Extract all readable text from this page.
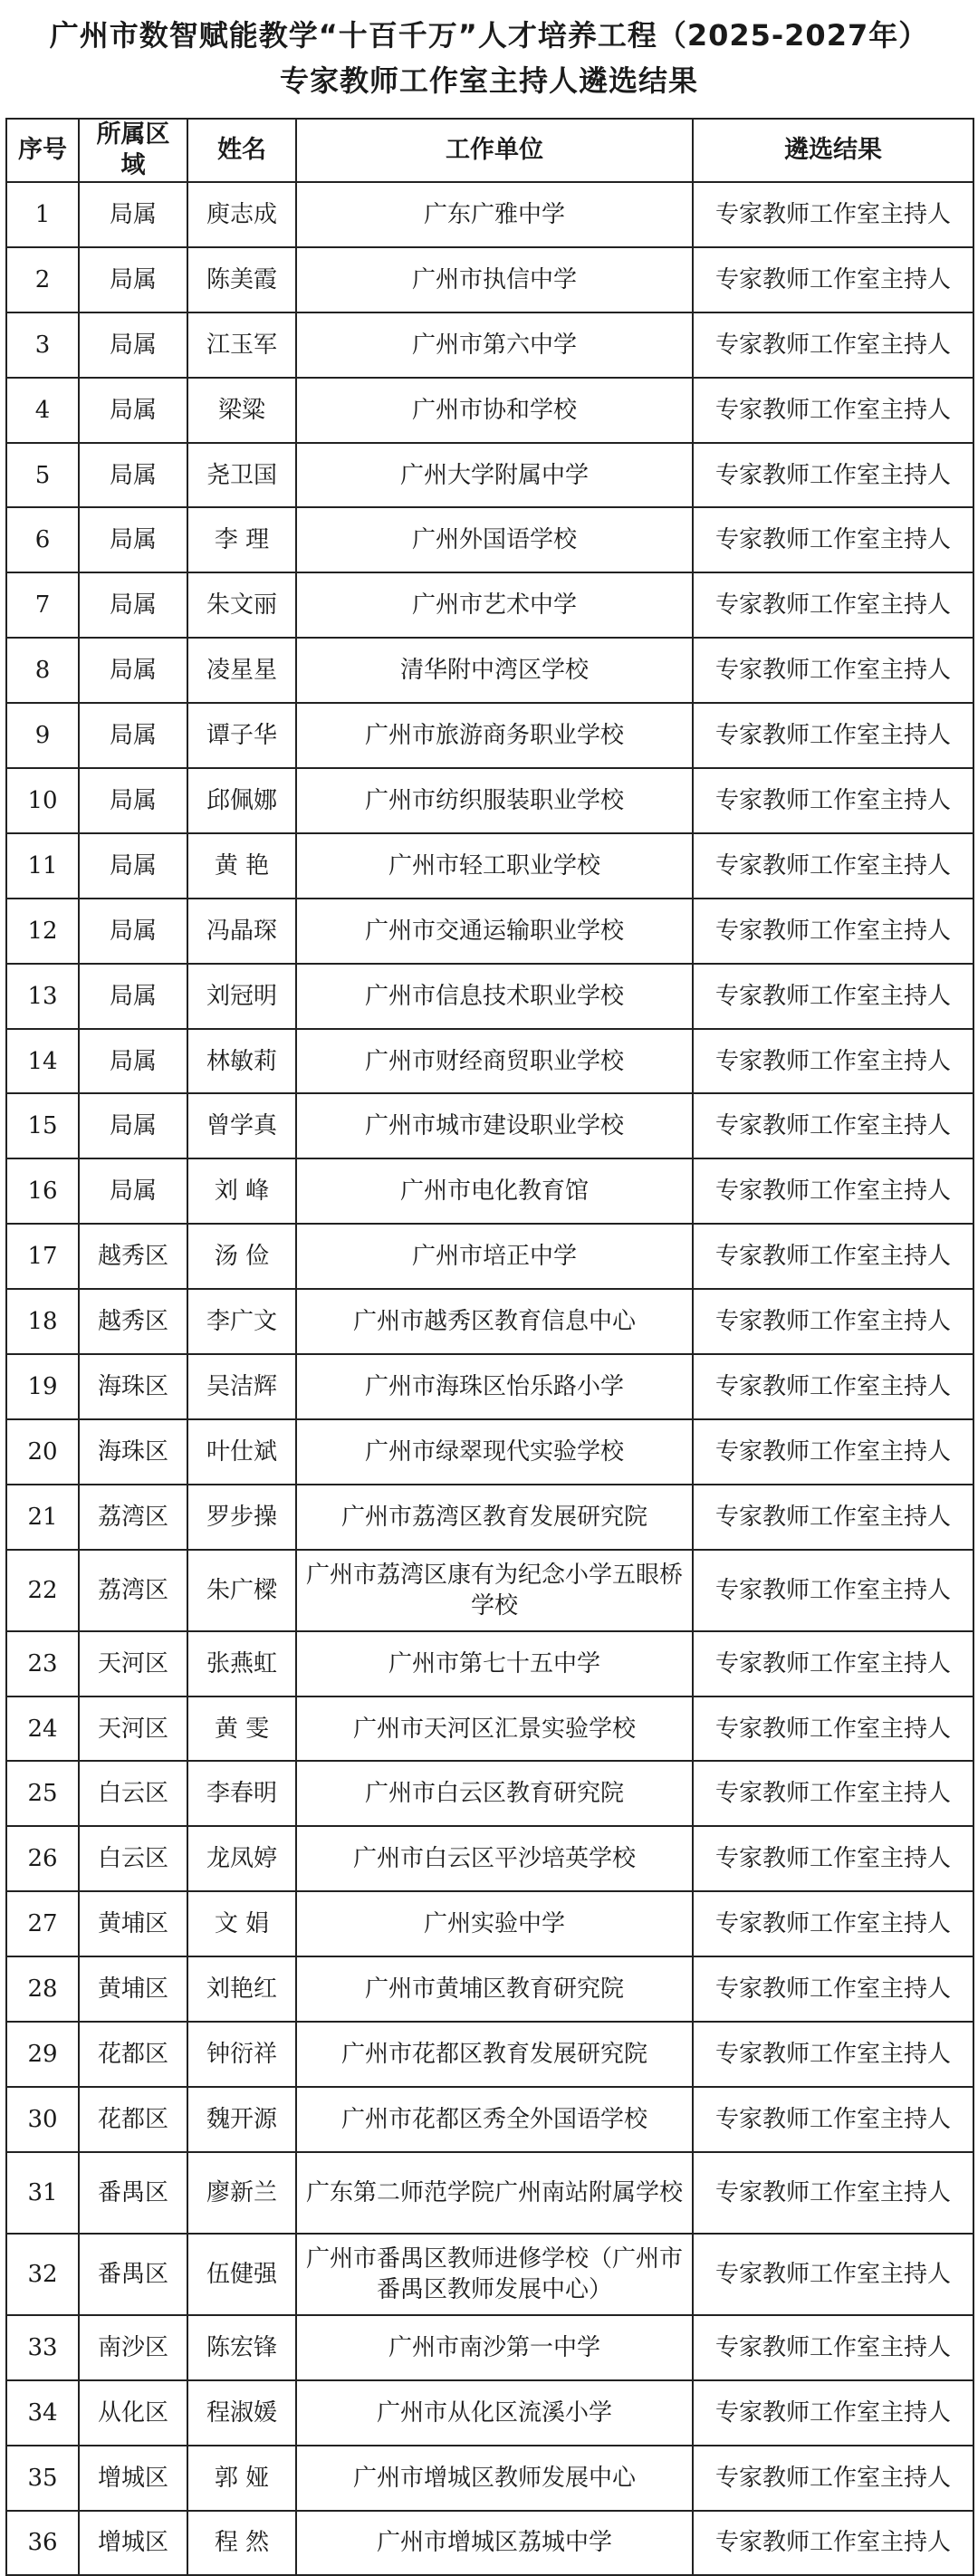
广州市数智赋能教学“十百千万”人才培养工程（2025-2027年）
专家教师工作室主持人遴选结果
序号	所属区域	姓名	工作单位	遴选结果
1	局属	庾志成	广东广雅中学	专家教师工作室主持人
2	局属	陈美霞	广州市执信中学	专家教师工作室主持人
3	局属	江玉军	广州市第六中学	专家教师工作室主持人
4	局属	梁粱	广州市协和学校	专家教师工作室主持人
5	局属	尧卫国	广州大学附属中学	专家教师工作室主持人
6	局属	李 理	广州外国语学校	专家教师工作室主持人
7	局属	朱文丽	广州市艺术中学	专家教师工作室主持人
8	局属	凌星星	清华附中湾区学校	专家教师工作室主持人
9	局属	谭子华	广州市旅游商务职业学校	专家教师工作室主持人
10	局属	邱佩娜	广州市纺织服装职业学校	专家教师工作室主持人
11	局属	黄 艳	广州市轻工职业学校	专家教师工作室主持人
12	局属	冯晶琛	广州市交通运输职业学校	专家教师工作室主持人
13	局属	刘冠明	广州市信息技术职业学校	专家教师工作室主持人
14	局属	林敏莉	广州市财经商贸职业学校	专家教师工作室主持人
15	局属	曾学真	广州市城市建设职业学校	专家教师工作室主持人
16	局属	刘 峰	广州市电化教育馆	专家教师工作室主持人
17	越秀区	汤 俭	广州市培正中学	专家教师工作室主持人
18	越秀区	李广文	广州市越秀区教育信息中心	专家教师工作室主持人
19	海珠区	吴洁辉	广州市海珠区怡乐路小学	专家教师工作室主持人
20	海珠区	叶仕斌	广州市绿翠现代实验学校	专家教师工作室主持人
21	荔湾区	罗步操	广州市荔湾区教育发展研究院	专家教师工作室主持人
22	荔湾区	朱广樑	广州市荔湾区康有为纪念小学五眼桥学校	专家教师工作室主持人
23	天河区	张燕虹	广州市第七十五中学	专家教师工作室主持人
24	天河区	黄 雯	广州市天河区汇景实验学校	专家教师工作室主持人
25	白云区	李春明	广州市白云区教育研究院	专家教师工作室主持人
26	白云区	龙凤婷	广州市白云区平沙培英学校	专家教师工作室主持人
27	黄埔区	文 娟	广州实验中学	专家教师工作室主持人
28	黄埔区	刘艳红	广州市黄埔区教育研究院	专家教师工作室主持人
29	花都区	钟衍祥	广州市花都区教育发展研究院	专家教师工作室主持人
30	花都区	魏开源	广州市花都区秀全外国语学校	专家教师工作室主持人
31	番禺区	廖新兰	广东第二师范学院广州南站附属学校	专家教师工作室主持人
32	番禺区	伍健强	广州市番禺区教师进修学校（广州市番禺区教师发展中心）	专家教师工作室主持人
33	南沙区	陈宏锋	广州市南沙第一中学	专家教师工作室主持人
34	从化区	程淑媛	广州市从化区流溪小学	专家教师工作室主持人
35	增城区	郭 娅	广州市增城区教师发展中心	专家教师工作室主持人
36	增城区	程 然	广州市增城区荔城中学	专家教师工作室主持人
